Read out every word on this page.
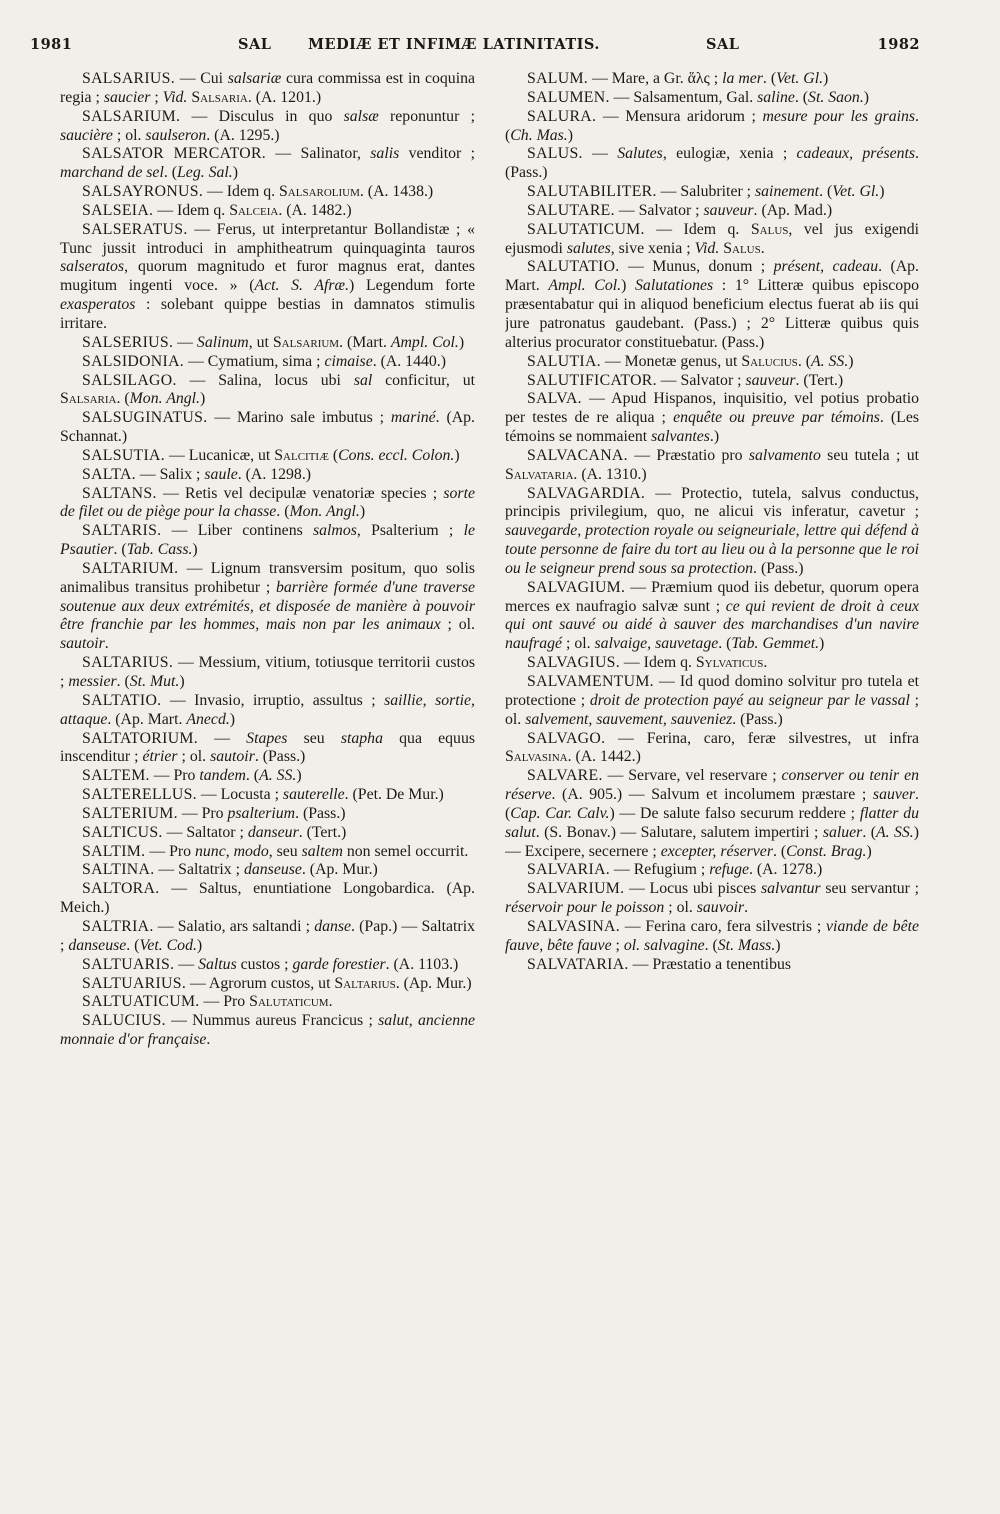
1981	SAL	MEDIÆ ET INFIMÆ LATINITATIS.	SAL	1982

SALSARIUS. — Cui salsariæ cura commissa est in coquina regia ; saucier ; Vid. Salsaria. (A. 1201.)

SALSARIUM. — Disculus in quo salsæ reponuntur ; saucière ; ol. saulseron. (A. 1295.)

SALSATOR MERCATOR. — Salinator, salis venditor ; marchand de sel. (Leg. Sal.)

SALSAYRONUS. — Idem q. Salsarolium. (A. 1438.)

SALSEIA. — Idem q. Salceia. (A. 1482.)

SALSERATUS. — Ferus, ut interpretantur Bollandistæ ; « Tunc jussit introduci in amphitheatrum quinquaginta tauros salseratos, quorum magnitudo et furor magnus erat, dantes mugitum ingenti voce. » (Act. S. Afræ.) Legendum forte exasperatos : solebant quippe bestias in damnatos stimulis irritare.

SALSERIUS. — Salinum, ut Salsarium. (Mart. Ampl. Col.)

SALSIDONIA. — Cymatium, sima ; cimaise. (A. 1440.)

SALSILAGO. — Salina, locus ubi sal conficitur, ut Salsaria. (Mon. Angl.)

SALSUGINATUS. — Marino sale imbutus ; mariné. (Ap. Schannat.)

SALSUTIA. — Lucanicæ, ut Salcitiæ (Cons. eccl. Colon.)

SALTA. — Salix ; saule. (A. 1298.)

SALTANS. — Retis vel decipulæ venatoriæ species ; sorte de filet ou de piège pour la chasse. (Mon. Angl.)

SALTARIS. — Liber continens salmos, Psalterium ; le Psautier. (Tab. Cass.)

SALTARIUM. — Lignum transversim positum, quo solis animalibus transitus prohibetur ; barrière formée d'une traverse soutenue aux deux extrémités, et disposée de manière à pouvoir être franchie par les hommes, mais non par les animaux ; ol. sautoir.

SALTARIUS. — Messium, vitium, totiusque territorii custos ; messier. (St. Mut.)

SALTATIO. — Invasio, irruptio, assultus ; saillie, sortie, attaque. (Ap. Mart. Anecd.)

SALTATORIUM. — Stapes seu stapha qua equus inscenditur ; étrier ; ol. sautoir. (Pass.)

SALTEM. — Pro tandem. (A. SS.)

SALTERELLUS. — Locusta ; sauterelle. (Pet. De Mur.)

SALTERIUM. — Pro psalterium. (Pass.)

SALTICUS. — Saltator ; danseur. (Tert.)

SALTIM. — Pro nunc, modo, seu saltem non semel occurrit.

SALTINA. — Saltatrix ; danseuse. (Ap. Mur.)

SALTORA. — Saltus, enuntiatione Longobardica. (Ap. Meich.)

SALTRIA. — Salatio, ars saltandi ; danse. (Pap.) — Saltatrix ; danseuse. (Vet. Cod.)

SALTUARIS. — Saltus custos ; garde forestier. (A. 1103.)

SALTUARIUS. — Agrorum custos, ut Saltarius. (Ap. Mur.)

SALTUATICUM. — Pro Salutaticum.

SALUCIUS. — Nummus aureus Francicus ; salut, ancienne monnaie d'or française.

SALUM. — Mare, a Gr. ἅλς ; la mer. (Vet. Gl.)

SALUMEN. — Salsamentum, Gal. saline. (St. Saon.)

SALURA. — Mensura aridorum ; mesure pour les grains. (Ch. Mas.)

SALUS. — Salutes, eulogiæ, xenia ; cadeaux, présents. (Pass.)

SALUTABILITER. — Salubriter ; sainement. (Vet. Gl.)

SALUTARE. — Salvator ; sauveur. (Ap. Mad.)

SALUTATICUM. — Idem q. Salus, vel jus exigendi ejusmodi salutes, sive xenia ; Vid. Salus.

SALUTATIO. — Munus, donum ; présent, cadeau. (Ap. Mart. Ampl. Col.) Salutationes : 1° Litteræ quibus episcopo præsentabatur qui in aliquod beneficium electus fuerat ab iis qui jure patronatus gaudebant. (Pass.) ; 2° Litteræ quibus quis alterius procurator constituebatur. (Pass.)

SALUTIA. — Monetæ genus, ut Salucius. (A. SS.)

SALUTIFICATOR. — Salvator ; sauveur. (Tert.)

SALVA. — Apud Hispanos, inquisitio, vel potius probatio per testes de re aliqua ; enquête ou preuve par témoins. (Les témoins se nommaient salvantes.)

SALVACANA. — Præstatio pro salvamento seu tutela ; ut Salvataria. (A. 1310.)

SALVAGARDIA. — Protectio, tutela, salvus conductus, principis privilegium, quo, ne alicui vis inferatur, cavetur ; sauvegarde, protection royale ou seigneuriale, lettre qui défend à toute personne de faire du tort au lieu ou à la personne que le roi ou le seigneur prend sous sa protection. (Pass.)

SALVAGIUM. — Præmium quod iis debetur, quorum opera merces ex naufragio salvæ sunt ; ce qui revient de droit à ceux qui ont sauvé ou aidé à sauver des marchandises d'un navire naufragé ; ol. salvaige, sauvetage. (Tab. Gemmet.)

SALVAGIUS. — Idem q. Sylvaticus.

SALVAMENTUM. — Id quod domino solvitur pro tutela et protectione ; droit de protection payé au seigneur par le vassal ; ol. salvement, sauvement, sauveniez. (Pass.)

SALVAGO. — Ferina, caro, feræ silvestres, ut infra Salvasina. (A. 1442.)

SALVARE. — Servare, vel reservare ; conserver ou tenir en réserve. (A. 905.) — Salvum et incolumem præstare ; sauver. (Cap. Car. Calv.) — De salute falso securum reddere ; flatter du salut. (S. Bonav.) — Salutare, salutem impertiri ; saluer. (A. SS.) — Excipere, secernere ; excepter, réserver. (Const. Brag.)

SALVARIA. — Refugium ; refuge. (A. 1278.)

SALVARIUM. — Locus ubi pisces salvantur seu servantur ; réservoir pour le poisson ; ol. sauvoir.

SALVASINA. — Ferina caro, fera silvestris ; viande de bête fauve, bête fauve ; ol. salvagine. (St. Mass.)

SALVATARIA. — Præstatio a tenentibus
